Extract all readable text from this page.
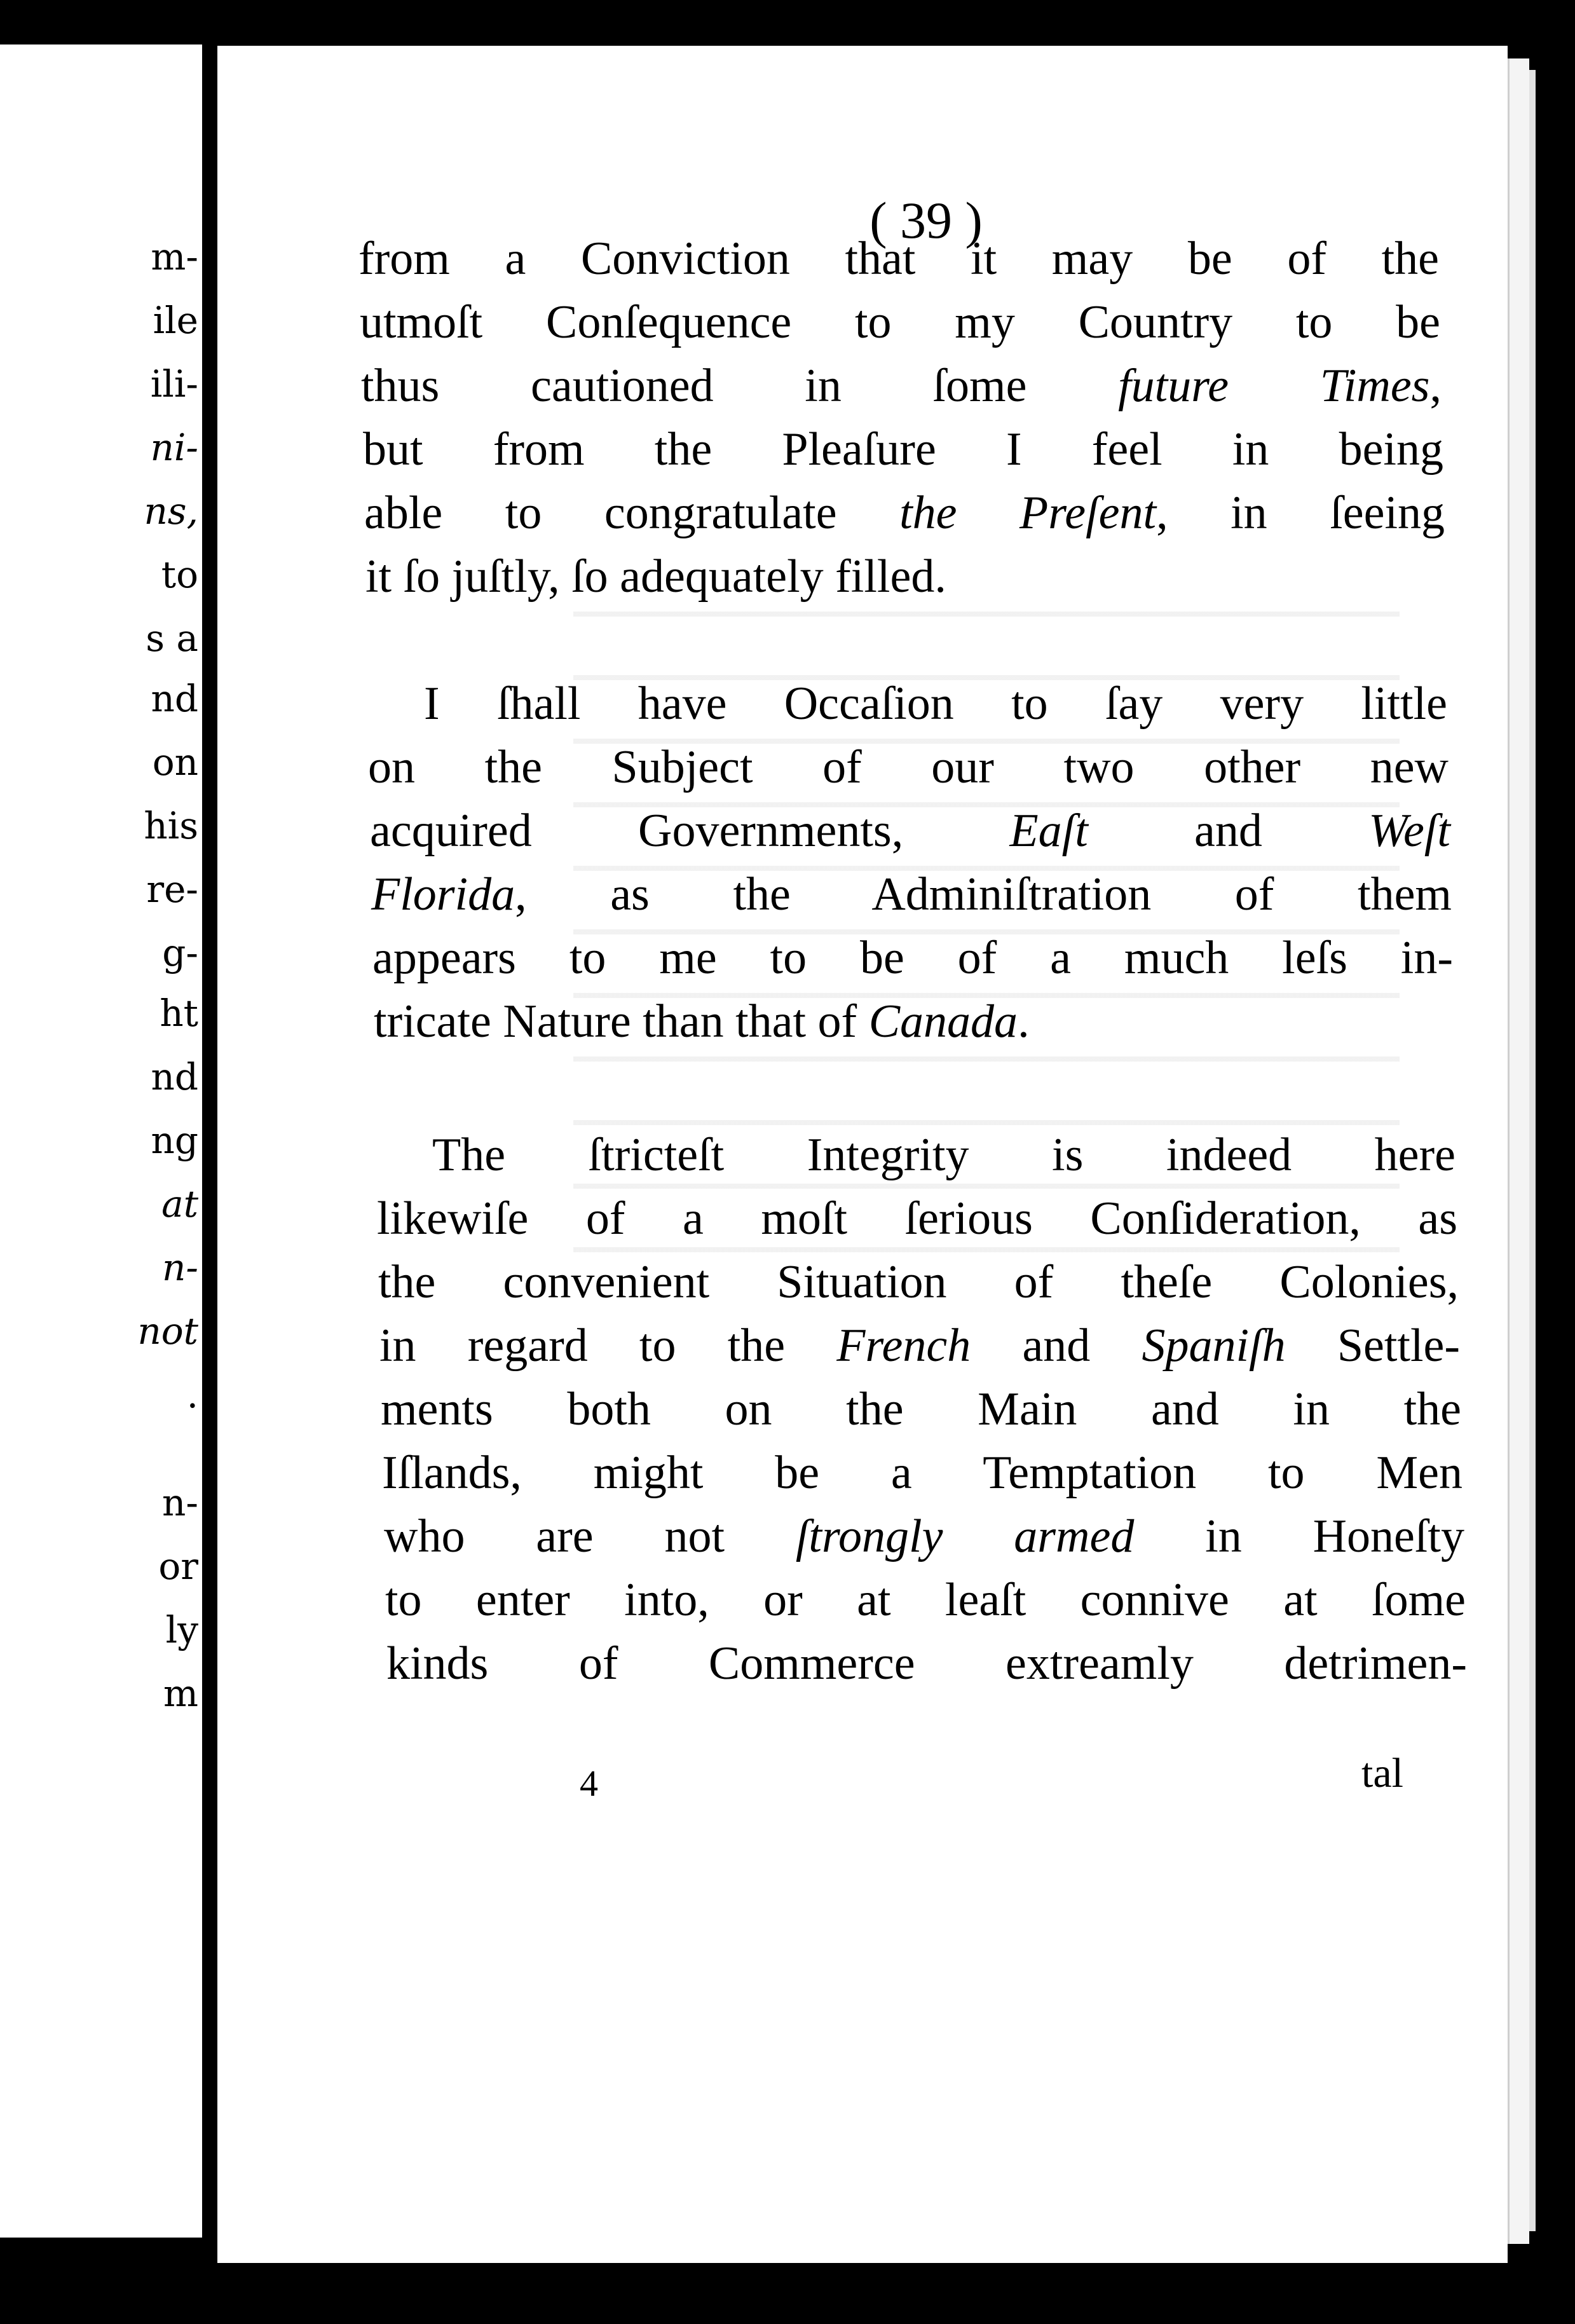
m-
ile
ili-
ni-
ns,
to
s a
nd
on
his
re-
g-
ht
nd
ng
at
n-
not
.
n-
or
ly
m
( 39 )
from a Conviction that it may be of the
utmoſt Conſequence to my Country to be
thus cautioned in ſome future Times,
but from the Pleaſure I feel in being
able to congratulate the Preſent, in ſeeing
it ſo juſtly, ſo adequately filled.
I ſhall have Occaſion to ſay very little
on the Subject of our two other new
acquired Governments, Eaſt and Weſt
Florida, as the Adminiſtration of them
appears to me to be of a much leſs in-
tricate Nature than that of Canada.
The ſtricteſt Integrity is indeed here
likewiſe of a moſt ſerious Conſideration, as
the convenient Situation of theſe Colonies,
in regard to the French and Spaniſh Settle-
ments both on the Main and in the
Iſlands, might be a Temptation to Men
who are not ſtrongly armed in Honeſty
to enter into, or at leaſt connive at ſome
kinds of Commerce extreamly detrimen-
4	tal
